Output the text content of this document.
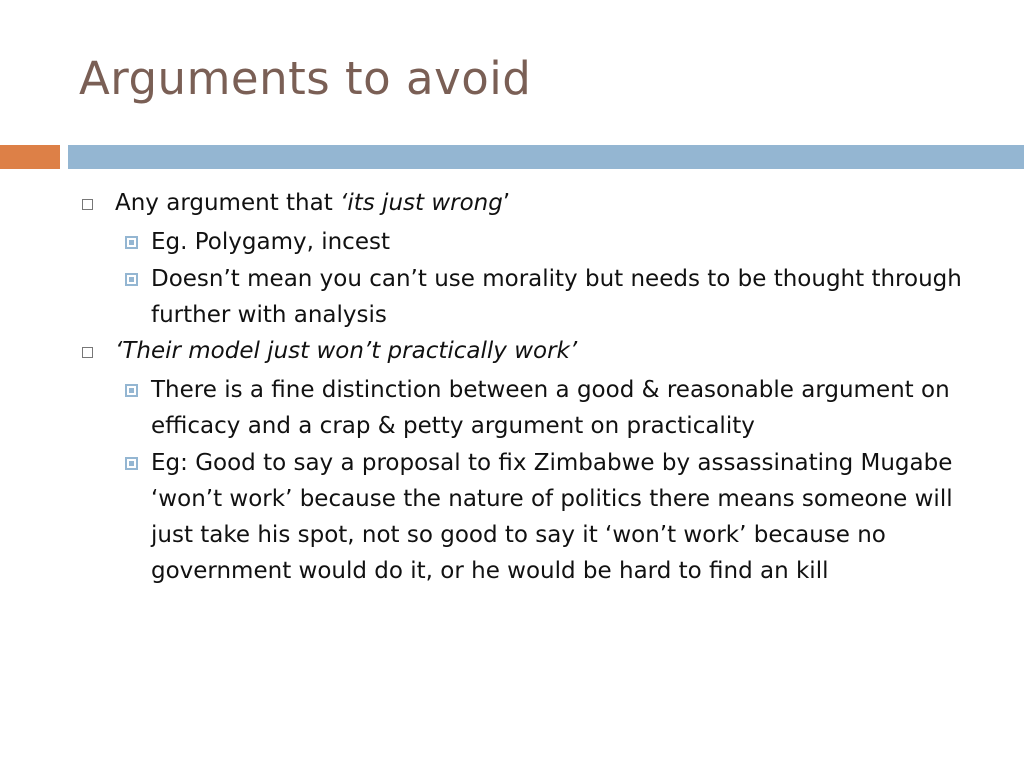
Arguments to avoid
Any argument that ‘its just wrong’
Eg. Polygamy, incest
Doesn’t mean you can’t use morality but needs to be thought through further with analysis
‘Their model just won’t practically work’
There is a fine distinction between a good & reasonable argument on efficacy and a crap & petty argument on practicality
Eg: Good to say a proposal to fix Zimbabwe by assassinating Mugabe ‘won’t work’ because the nature of politics there means someone will just take his spot, not so good to say it ‘won’t work’ because no government would do it, or he would be hard to find an kill
